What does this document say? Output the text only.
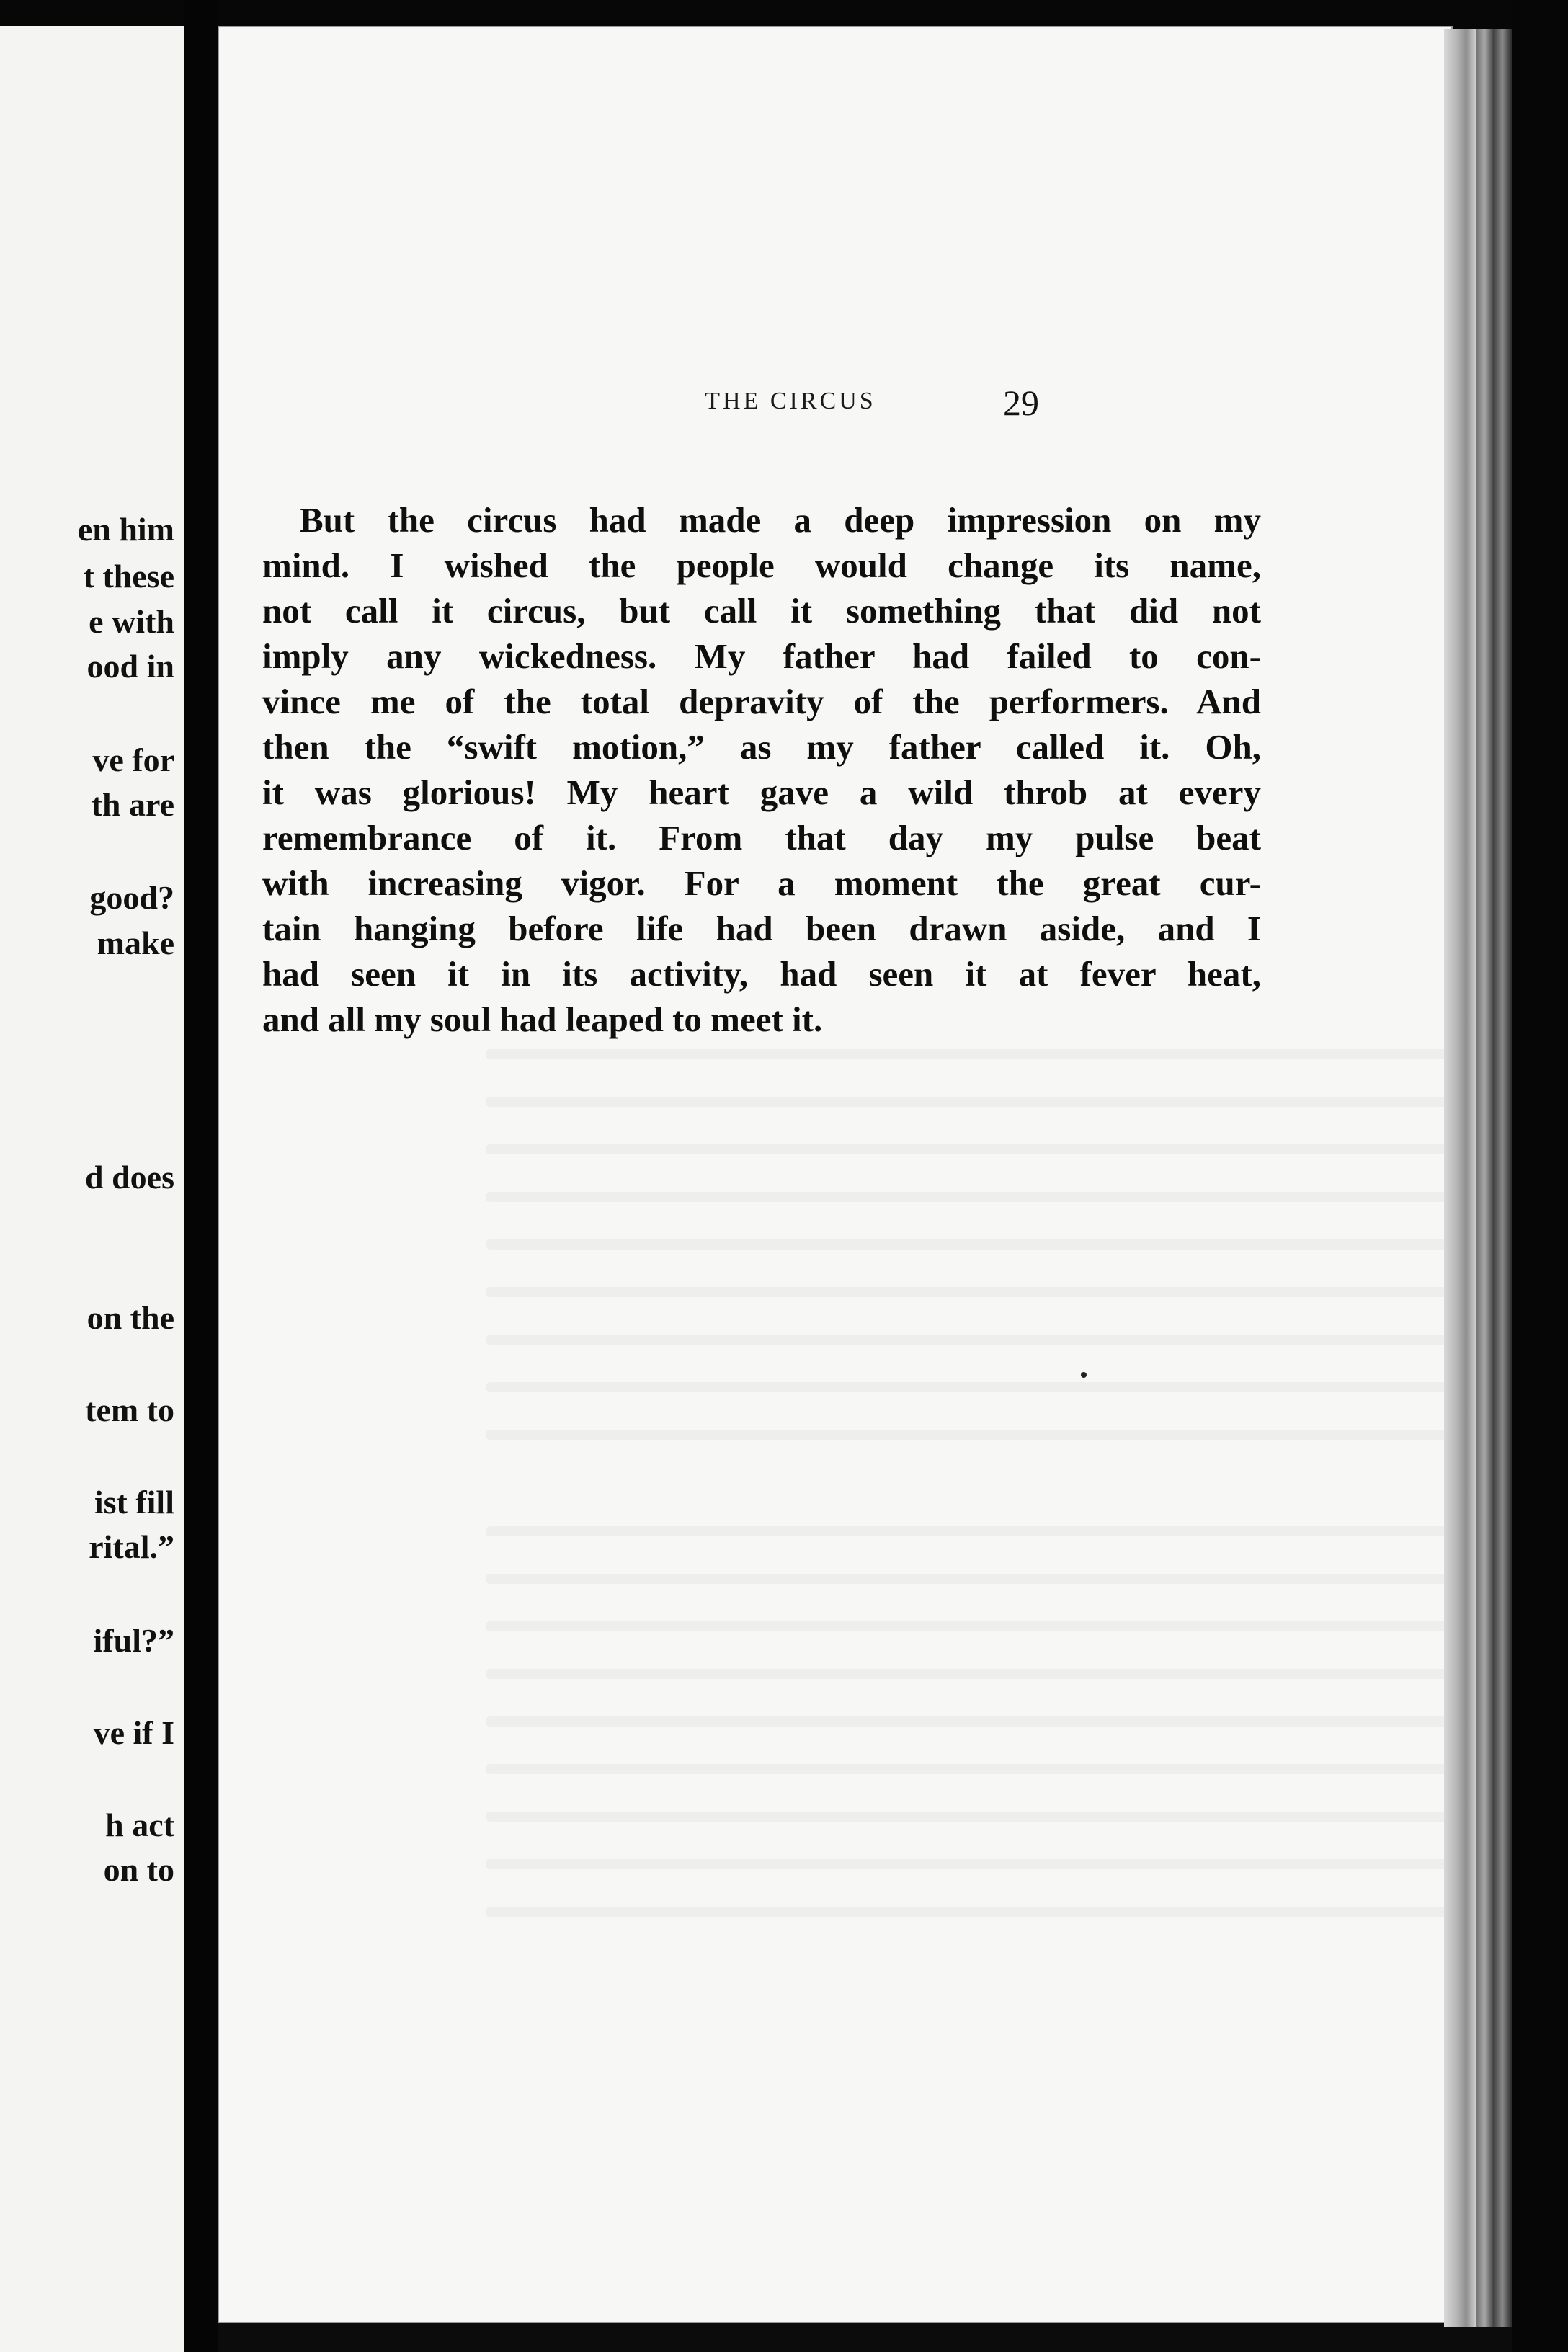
en him
t these
e with
ood in
ve for
th are
good?
make
d does
on the
tem to
ist fill
rital.”
iful?”
ve if I
h act
on to
THE CIRCUS	29
But the circus had made a deep impression on my
mind. I wished the people would change its name,
not call it circus, but call it something that did not
imply any wickedness. My father had failed to con-
vince me of the total depravity of the performers. And
then the “swift motion,” as my father called it. Oh,
it was glorious! My heart gave a wild throb at every
remembrance of it. From that day my pulse beat
with increasing vigor. For a moment the great cur-
tain hanging before life had been drawn aside, and I
had seen it in its activity, had seen it at fever heat,
and all my soul had leaped to meet it.
